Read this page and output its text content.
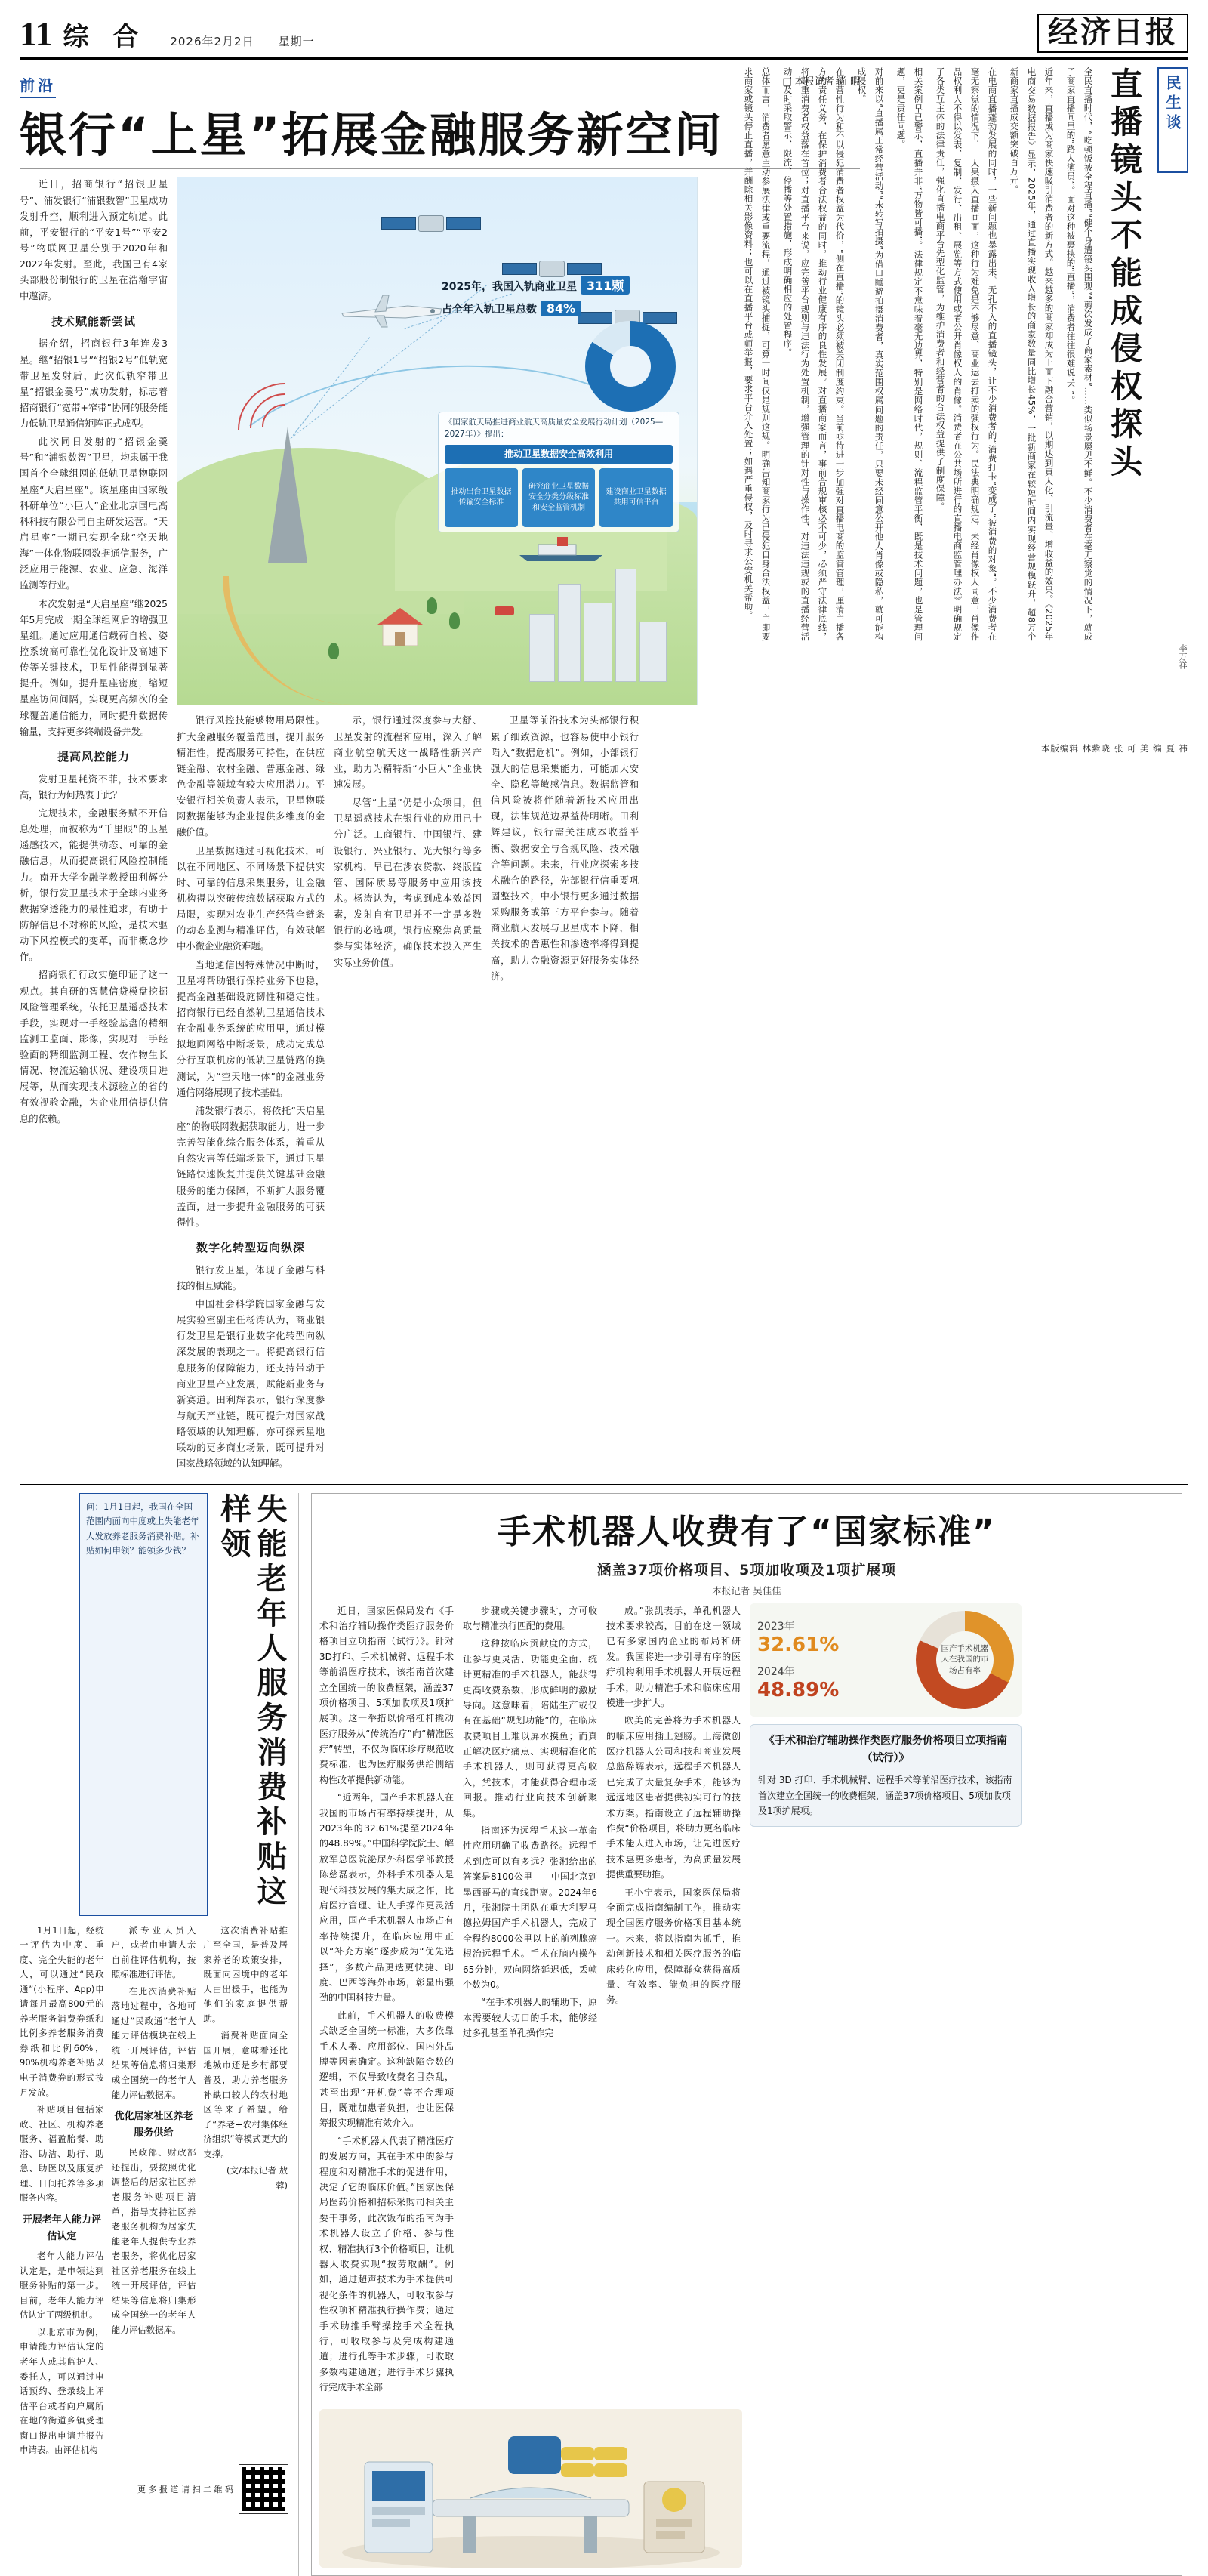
11 综 合 2026年2月2日 星期一	经济日报
前沿	□ 本报记者 尚 暇
银行“上星”拓展金融服务新空间

近日，招商银行“招银卫星号”、浦发银行“浦银数智”卫星成功发射升空，顺利进入预定轨道。此前，平安银行的“平安1号”“平安2号”物联网卫星分别于2020年和2022年发射。至此，我国已有4家头部股份制银行的卫星在浩瀚宇宙中遨游。

技术赋能新尝试

据介绍，招商银行3年连发3星。继“招银1号”“招银2号”低轨宽带卫星发射后，此次低轨窄带卫星“招银金羹号”成功发射，标志着招商银行“宽带+窄带”协同的服务能力低轨卫星通信矩阵正式成型。

此次同日发射的“招银金羹号”和“浦银数智”卫星，均隶属于我国首个全球组网的低轨卫星物联网星座“天启星座”。该星座由国家级科研单位“小巨人”企业北京国电高科科技有限公司自主研发运营。“天启星座”一期已实现全球“空天地海”一体化物联网数据通信服务，广泛应用于能源、农业、应急、海洋监测等行业。

本次发射是“天启星座”继2025年5月完成一期全球组网后的增强卫星组。通过应用通信载荷自检、姿控系统高可靠性优化设计及高速下传等关键技术，卫星性能得到显著提升。例如，提升星座密度，缩短星座访问间隔，实现更高频次的全球覆盖通信能力，同时提升数据传输量，支持更多终端设备并发。

提高风控能力

发射卫星耗资不菲，技术要求高，银行为何热衷于此？

完规技术，金融服务赋不开信息处理，而被称为“千里眼”的卫星遥感技术，能提供动态、可靠的金融信息，从而提高银行风险控制能力。南开大学金融学教授田利辉分析，银行发卫星技术于全球内业务数据穿透能力的最性追求，有助于防解信息不对称的风险，是技术驱动下风控模式的变革，而非概念炒作。

招商银行行政实施印证了这一观点。其自研的智慧信贷模盘挖掘风险管理系统，依托卫星遥感技术手段，实现对一手经验基盘的精细监测工监面、影像，实现对一手经验面的精细监测工程、农作物生长情况、物流运输状况、建设项目进展等，从而实现技术源验立的省的有效视验金融，为企业用信提供信息的依赖。

2025年，我国入轨商业卫星 311颗
占全年入轨卫星总数 84%
《国家航天局推进商业航天高质量安全发展行动计划（2025—2027年）》提出：
推动卫星数据安全高效利用
推动出台卫星数据传输安全标准
研究商业卫星数据安全分类分级标准和安全监管机制
建设商业卫星数据共用可信平台

银行风控技能够物用局限性。扩大金融服务覆盖范围，提升服务精准性，提高服务可持性，在供应链金融、农村金融、普惠金融、绿色金融等领域有较大应用潜力。平安银行相关负责人表示，卫星物联网数据能够为企业提供多维度的金融价值。

卫星数据通过可视化技术，可以在不同地区、不同场景下提供实时、可靠的信息采集服务，让金融机构得以突破传统数据获取方式的局限，实现对农业生产经营全链条的动态监测与精准评估，有效破解中小微企业融资难题。

当地通信因特殊情况中断时，卫星将帮助银行保持业务下也稳，提高金融基础设施韧性和稳定性。招商银行已经自然轨卫星通信技术在金融业务系统的应用里，通过模拟地面网络中断场景，成功完成总分行互联机房的低轨卫星链路的换测试，为“空天地一体”的金融业务通信网络展现了技术基础。

浦发银行表示，将依托“天启星座”的物联网数据获取能力，进一步完善智能化综合服务体系，着重从自然灾害等低端场景下，通过卫星链路快速恢复并提供关键基础金融服务的能力保障，不断扩大服务覆盖面，进一步提升金融服务的可获得性。

数字化转型迈向纵深

银行发卫星，体现了金融与科技的相互赋能。

中国社会科学院国家金融与发展实验室副主任杨涛认为，商业银行发卫星是银行业数字化转型向纵深发展的表现之一。将提高银行信息服务的保障能力，还支持带动于商业卫星产业发展，赋能新业务与新赛道。田利辉表示，银行深度参与航天产业链，既可提升对国家战略领域的认知理解，亦可探索星地联动的更多商业场景，既可提升对国家战略领域的认知理解。

示，银行通过深度参与大舒、卫星发射的流程和应用，深入了解商业航空航天这一战略性新兴产业，助力为精特新“小巨人”企业快速发展。

尽管“上星”仍是小众项目，但卫星遥感技术在银行业的应用已十分广泛。工商银行、中国银行、建设银行、兴业银行、光大银行等多家机构，早已在涉农贷款、终版监管、国际质易等服务中应用该技术。杨涛认为，考虑到成本效益因素，发射自有卫星并不一定是多数银行的必选项，银行应聚焦高质量参与实体经济，确保技术投入产生实际业务价值。

卫星等前沿技术为头部银行积累了细致资源，也容易使中小银行陷入“数据危机”。例如，小部银行强大的信息采集能力，可能加大安全、隐私等敏感信息。数据监管和信风险被将伴随着新技术应用出现，法律规范边界益待明晰。田利辉建议，银行需关注成本收益平衡、数据安全与合规风险、技术融合等问题。未来，行业应探索多技术融合的路径，先部银行信重要巩固整技术，中小银行更多通过数据采购服务或第三方平台参与。随着商业航天发展与卫星成本下降，相关技术的普惠性和渗透率将得到提高，助力金融资源更好服务实体经济。

民生谈
直播镜头不能成侵权探头
全民直播时代，“吃顿饭被全程直播”“健个身遭镜头围观”“剪次发成了商家素材”……类似场景屡见不鲜。不少消费者在毫无察觉的情况下，就成了商家直播间里的“路人演员”。面对这种被裹挟的“直播”，消费者往往很难说“不”。
近年来，直播成为商家快速吸引消费者的新方式。越来越多的商家却成为上面下融合营销，以期达到真人化、引流量、增收益的效果。《2025年电商交易数据报告》显示，2025年，通过直播实现收入增长的商家数量同比增长45%，一批新商家在较短时间内实现经营规模跃升，超8万个新商家直播成交额突破百万元。
在电商直播蓬勃发展的同时，一些新问题也暴露出来。无孔不入的直播镜头，让不少消费者的“消费打卡”变成了“被消费的对象”。不少消费者在毫无察觉的情况下，一人果摄入直播画面，这种行为难免是不够尽意、高业运去打卖的强权行为。民法典明确规定，未经肖像权人同意，肖像作品权利人不得以发表、复制、发行、出租、展览等方式使用或者公开肖像权人的肖像。消费者在公共场所进行的直播电商监管理办法》明确规定了各类互主体的法律责任，强化直播电商平台先型化监管，为维护消费者和经营者的合法权益提供了制度保障。
相关案例早已警示，直播并非“万物皆可播”。法律规定不意味着毫无边界，特别是网络时代，规则、流程监管平衡，既是技术问题，也是管理问题，更是责任问题。
对前来以“直播属正常经营活动”“未转写拍摄”为借口睡避拍摄消费者，真实范围权属问题的责任，只要未经同意公开他人肖像或隐私，就可能构成侵权。
在经营性行为和不以侵犯消费者权益为代价，“侧在直播”的镜头必须被关闭制度约束。当前亟待进一步加强对直播电商的监管管理，厘清主播各方的责任义务，在保护消费者合法权益的同时，推动行业健康有序的良性发展。对直播商家而言，事前合规审核必不可少，必须严守法律底线，将尊重消费者权益落在首位；对直播平台来说，应完善平台规则与违法行为处置机制，增强管理的针对性与操作性，对违法违规或的直播经营活动，及时采取警示、限流、停播等处置措施，形成明确相应的处置程序。
总体而言，消费者愿意主动参展法律或重要流程，通过被镜头捕捉，可算一时间仅是规则这规。明确告知商家行为已侵犯自身合法权益，主即要求商家或镜头停止直播，并酬除相关影像资料；也可以在直播平台或师举报，要求平台介入处置；如遇严重侵权，及时寻求公安机关帮助。
李万祥
本版编辑 林紫晓 张 可 美 编 夏 祎
失能老年人服务消费补贴这样领
问：1月1日起，我国在全国范围内面向中度或上失能老年人发放养老服务消费补贴。补贴如何申领？能领多少钱？

1月1日起，经统一评估为中度、重度、完全失能的老年人，可以通过“民政通”(小程序、App)申请每月最高800元的养老服务消费券纸和比例多养老服务消费券纸和比例60%，90%机构养老补贴以电子消费券的形式按月发放。

补贴项目包括家政、社区、机构养老服务、福盈胎餐、助浴、助洁、助行、助急、助医以及康复护理、日间托养等多项服务内容。

开展老年人能力评估认定

老年人能力评估认定是，是申领达到服务补贴的第一步。目前，老年人能力评估认定了两级机制。

以北京市为例，申请能力评估认定的老年人或其监护人、委托人，可以通过电话预约、登录线上评估平台或者向户属所在地的街道乡镇受理窗口提出申请并报告申请表。由评估机构

派专业人员入户，或者由申请人亲自前往评估机构，按照标准进行评估。

在此次消费补贴落地过程中，各地可通过“民政通”老年人能力评估模块在线上统一开展评估，评估结果等信息将归集形成全国统一的老年人能力评估数据库。

优化居家社区养老服务供给

民政部、财政部还提出，要按照优化调整后的居家社区养老服务补贴项目清单，指导支持社区养老服务机构为居家失能老年人提供专业养老服务，将优化居家社区养老服务在线上统一开展评估，评估结果等信息将归集形成全国统一的老年人能力评估数据库。

这次消费补贴推广至全国，是普及居家养老的政策安排，既面向困境中的老年人由出援手，也能为他们的家庭提供帮助。

消费补贴面向全国开展，意味着还比地城市还是乡村都要普及，助力养老服务补缺口较大的农村地区等来了希望。给了“养老+农村集体经济组织”等模式更大的支撑。

(文/本报记者 敖 蓉)

更 多 报 道 请 扫 二 维 码
手术机器人收费有了“国家标准”
涵盖37项价格项目、5项加收项及1项扩展项
本报记者 吴佳佳

近日，国家医保局发布《手术和治疗辅助操作类医疗服务价格项目立项指南（试行）》。针对3D打印、手术机械臂、远程手术等前沿医疗技术，该指南首次建立全国统一的收费框架，涵盖37项价格项目、5项加收项及1项扩展项。这一举措以价格杠杆撬动医疗服务从“传统治疗”向“精准医疗”转型，不仅为临床诊疗规范收费标准，也为医疗服务供给侧结构性改革提供新动能。

“近两年，国产手术机器人在我国的市场占有率持续提升，从2023年的32.61%提至2024年的48.89%。”中国科学院院士、解放军总医院泌尿外科医学部教授陈慈磊表示，外科手术机器人是现代科技发展的集大成之作，比肩医疗管理、让人手操作更灵活应用，国产手术机器人市场占有率持续提升，在临床应用中正以“补充方案”逐步成为“优先选择”，多数产品更迭更快捷、印度、巴西等海外市场，彰显出强劲的中国科技力量。

此前，手术机器人的收费模式缺乏全国统一标准，大多依靠手术人器、应用部位、国内外品牌等因素确定。这种缺陷金数的逻辑，不仅导致收费名目杂乱，甚至出现“开机费”等不合理项目，既难加患者负担，也让医保筹报实现精准有效介入。

“手术机器人代表了精准医疗的发展方向，其在手术中的参与程度和对精准手术的促进作用，决定了它的临床价值。”国家医保局医药价格和招标采购司相关主要干事务，此次饭布的指南为手术机器人设立了价格、参与性权、精准执行3个价格项目，让机器人收费实现“按劳取酬”。例如，通过超声技术为手术提供可视化条件的机器人，可收取参与性权项和精准执行操作费；通过手术助推手臂操控手术全程执行，可收取参与及完成构建通道；进行孔等手术步骤，可收取多数构建通道；进行手术步骤执行完成手术全部

步骤或关键步骤时，方可收取与精准执行匹配的费用。

这种按临床贡献度的方式，让参与更灵活、功能更全面、统计更精准的手术机器人，能获得更高收费系数，形成鲜明的激励导向。这意味着，陪陆生产或仅有在基础“规划功能”的，在临床收费项目上难以屏水摸鱼；而真正解决医疗痛点、实现精准化的手术机器人，则可获得更高收入，凭技术，才能获得合理市场回报。推动行业向技术创新聚集。

指南还为远程手术这一革命性应用明确了收费路径。远程手术到底可以有多远？张湘给出的答案是8100公里——中国北京到墨西哥马的直线距离。2024年6月，张湘院士团队在重大利罗马德拉姆国产手术机器人，完成了全程约8000公里以上的前列腺癌根治远程手术。手术在脑内操作65分钟，双向网络延迟低，丢帧个数为0。

“在手术机器人的辅助下，原本需要较大切口的手术，能够经过多孔甚至单孔操作完

成。”张凯表示，单孔机器人技术要求较高，目前在这一领域已有多家国内企业的布局和研发。我国将进一步引导有序的医疗机构利用手术机器人开展远程手术，助力精准手术和临床应用模进一步扩大。

欧美的完善将为手术机器人的临床应用插上翅膀。上海微创医疗机器人公司和技和商业发展总监辞解表示，远程手术机器人已完成了大量复杂手术，能够为远远地区患者提供初实可行的技术方案。指南设立了远程辅助操作费“价格项目，将助力更名临床手术能人进入市场，让先进医疗技术惠更多患者，为高质量发展提供重要助推。

王小宁表示，国家医保局将全面完成指南编制工作，推动实现全国医疗服务价格项目基本统一。未来，将以指南为抓手，推动创新技术和相关医疗服务的临床转化应用，保障群众获得高质量、有效率、能负担的医疗服务。

2023年
32.61%
2024年
48.89%
国产手术机器人在我国的市场占有率
《手术和治疗辅助操作类医疗服务价格项目立项指南（试行）》
针对 3D 打印、手术机械臂、远程手术等前沿医疗技术，该指南首次建立全国统一的收费框架，涵盖37项价格项目、5项加收项及1项扩展项。
